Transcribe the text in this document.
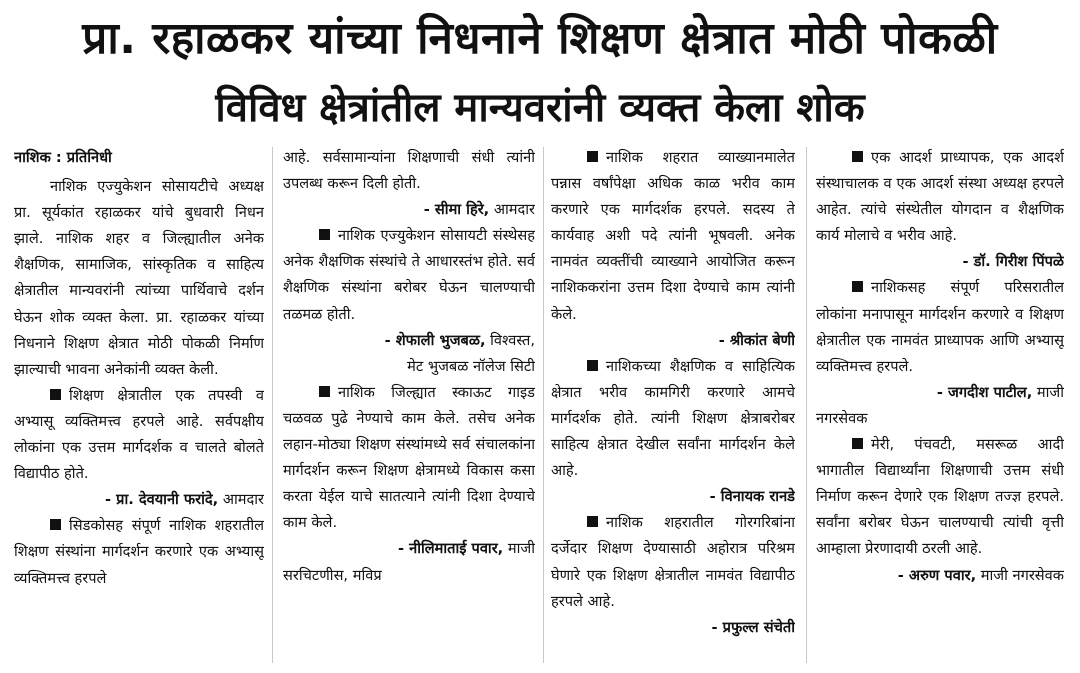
प्रा. रहाळकर यांच्या निधनाने शिक्षण क्षेत्रात मोठी पोकळी
विविध क्षेत्रांतील मान्यवरांनी व्यक्त केला शोक
नाशिक : प्रतिनिधी

नाशिक एज्युकेशन सोसायटीचे अध्यक्ष प्रा. सूर्यकांत रहाळकर यांचे बुधवारी निधन झाले. नाशिक शहर व जिल्ह्यातील अनेक शैक्षणिक, सामाजिक, सांस्कृतिक व साहित्य क्षेत्रातील मान्यवरांनी त्यांच्या पार्थिवाचे दर्शन घेऊन शोक व्यक्त केला. प्रा. रहाळकर यांच्या निधनाने शिक्षण क्षेत्रात मोठी पोकळी निर्माण झाल्याची भावना अनेकांनी व्यक्त केली.

शिक्षण क्षेत्रातील एक तपस्वी व अभ्यासू व्यक्तिमत्त्व हरपले आहे. सर्वपक्षीय लोकांना एक उत्तम मार्गदर्शक व चालते बोलते विद्यापीठ होते.

- प्रा. देवयानी फरांदे, आमदार

सिडकोसह संपूर्ण नाशिक शहरातील शिक्षण संस्थांना मार्गदर्शन करणारे एक अभ्यासू व्यक्तिमत्त्व हरपले

आहे. सर्वसामान्यांना शिक्षणाची संधी त्यांनी उपलब्ध करून दिली होती.

- सीमा हिरे, आमदार

नाशिक एज्युकेशन सोसायटी संस्थेसह अनेक शैक्षणिक संस्थांचे ते आधारस्तंभ होते. सर्व शैक्षणिक संस्थांना बरोबर घेऊन चालण्याची तळमळ होती.

- शेफाली भुजबळ, विश्वस्त,

मेट भुजबळ नॉलेज सिटी

नाशिक जिल्ह्यात स्काऊट गाइड चळवळ पुढे नेण्याचे काम केले. तसेच अनेक लहान-मोठ्या शिक्षण संस्थांमध्ये सर्व संचालकांना मार्गदर्शन करून शिक्षण क्षेत्रामध्ये विकास कसा करता येईल याचे सातत्याने त्यांनी दिशा देण्याचे काम केले.

- नीलिमाताई पवार, माजी

सरचिटणीस, मविप्र

नाशिक शहरात व्याख्यानमालेत पन्नास वर्षांपेक्षा अधिक काळ भरीव काम करणारे एक मार्गदर्शक हरपले. सदस्य ते कार्यवाह अशी पदे त्यांनी भूषवली. अनेक नामवंत व्यक्तींची व्याख्याने आयोजित करून नाशिककरांना उत्तम दिशा देण्याचे काम त्यांनी केले.

- श्रीकांत बेणी

नाशिकच्या शैक्षणिक व साहित्यिक क्षेत्रात भरीव कामगिरी करणारे आमचे मार्गदर्शक होते. त्यांनी शिक्षण क्षेत्राबरोबर साहित्य क्षेत्रात देखील सर्वांना मार्गदर्शन केले आहे.

- विनायक रानडे

नाशिक शहरातील गोरगरिबांना दर्जेदार शिक्षण देण्यासाठी अहोरात्र परिश्रम घेणारे एक शिक्षण क्षेत्रातील नामवंत विद्यापीठ हरपले आहे.

- प्रफुल्ल संचेती

एक आदर्श प्राध्यापक, एक आदर्श संस्थाचालक व एक आदर्श संस्था अध्यक्ष हरपले आहेत. त्यांचे संस्थेतील योगदान व शैक्षणिक कार्य मोलाचे व भरीव आहे.

- डॉ. गिरीश पिंपळे

नाशिकसह संपूर्ण परिसरातील लोकांना मनापासून मार्गदर्शन करणारे व शिक्षण क्षेत्रातील एक नामवंत प्राध्यापक आणि अभ्यासू व्यक्तिमत्त्व हरपले.

- जगदीश पाटील, माजी

नगरसेवक

मेरी, पंचवटी, मसरूळ आदी भागातील विद्यार्थ्यांना शिक्षणाची उत्तम संधी निर्माण करून देणारे एक शिक्षण तज्ज्ञ हरपले. सर्वांना बरोबर घेऊन चालण्याची त्यांची वृत्ती आम्हाला प्रेरणादायी ठरली आहे.

- अरुण पवार, माजी नगरसेवक
